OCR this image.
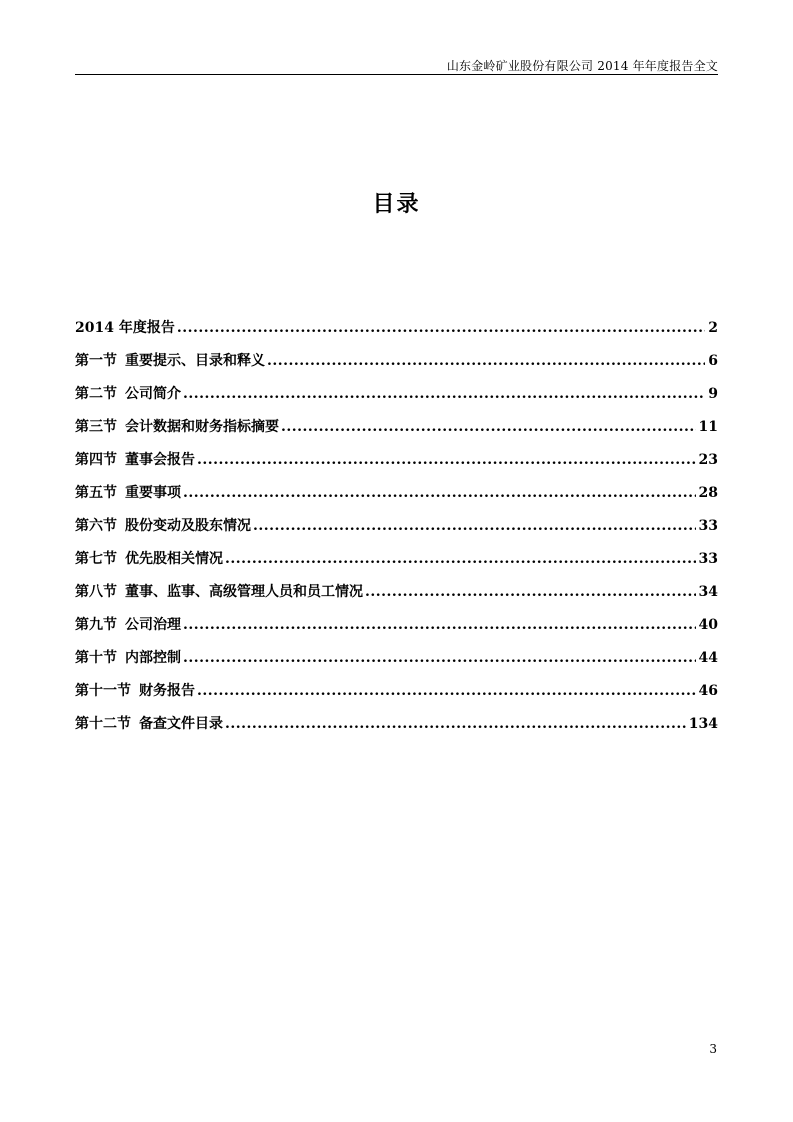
山东金岭矿业股份有限公司 2014 年年度报告全文
目录
2014 年度报告 .....	2
第一节 重要提示、目录和释义 .....	6
第二节 公司简介 .....	9
第三节 会计数据和财务指标摘要 .....	11
第四节 董事会报告 .....	23
第五节 重要事项 .....	28
第六节 股份变动及股东情况 .....	33
第七节 优先股相关情况 .....	33
第八节 董事、监事、高级管理人员和员工情况 .....	34
第九节 公司治理 .....	40
第十节 内部控制 .....	44
第十一节 财务报告 .....	46
第十二节 备查文件目录 .....	134
3
